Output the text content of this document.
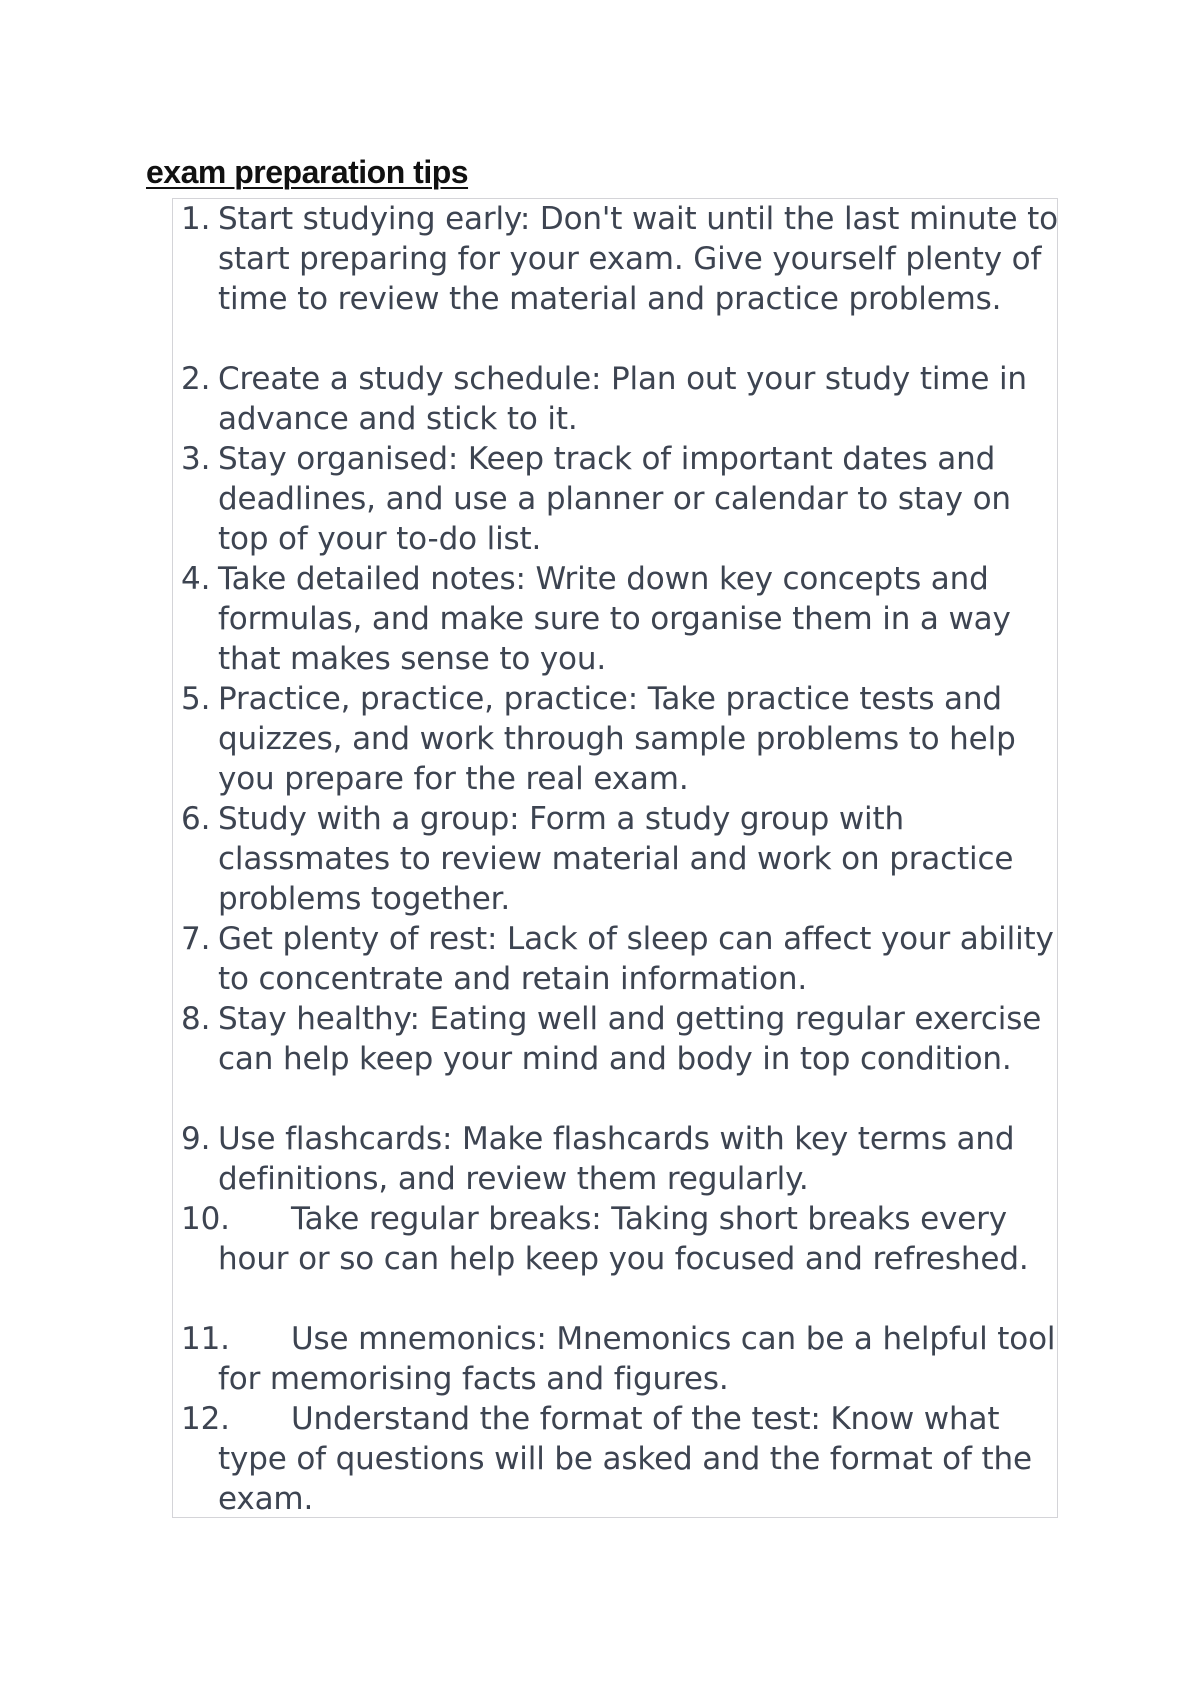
exam preparation tips
1. Start studying early: Don't wait until the last minute to start preparing for your exam. Give yourself plenty of time to review the material and practice problems.
2. Create a study schedule: Plan out your study time in advance and stick to it.
3. Stay organised: Keep track of important dates and deadlines, and use a planner or calendar to stay on top of your to-do list.
4. Take detailed notes: Write down key concepts and formulas, and make sure to organise them in a way that makes sense to you.
5. Practice, practice, practice: Take practice tests and quizzes, and work through sample problems to help you prepare for the real exam.
6. Study with a group: Form a study group with classmates to review material and work on practice problems together.
7. Get plenty of rest: Lack of sleep can affect your ability to concentrate and retain information.
8. Stay healthy: Eating well and getting regular exercise can help keep your mind and body in top condition.
9. Use flashcards: Make flashcards with key terms and definitions, and review them regularly.
10.	Take regular breaks: Taking short breaks every hour or so can help keep you focused and refreshed.
11.	Use mnemonics: Mnemonics can be a helpful tool for memorising facts and figures.
12.	Understand the format of the test: Know what type of questions will be asked and the format of the exam.
